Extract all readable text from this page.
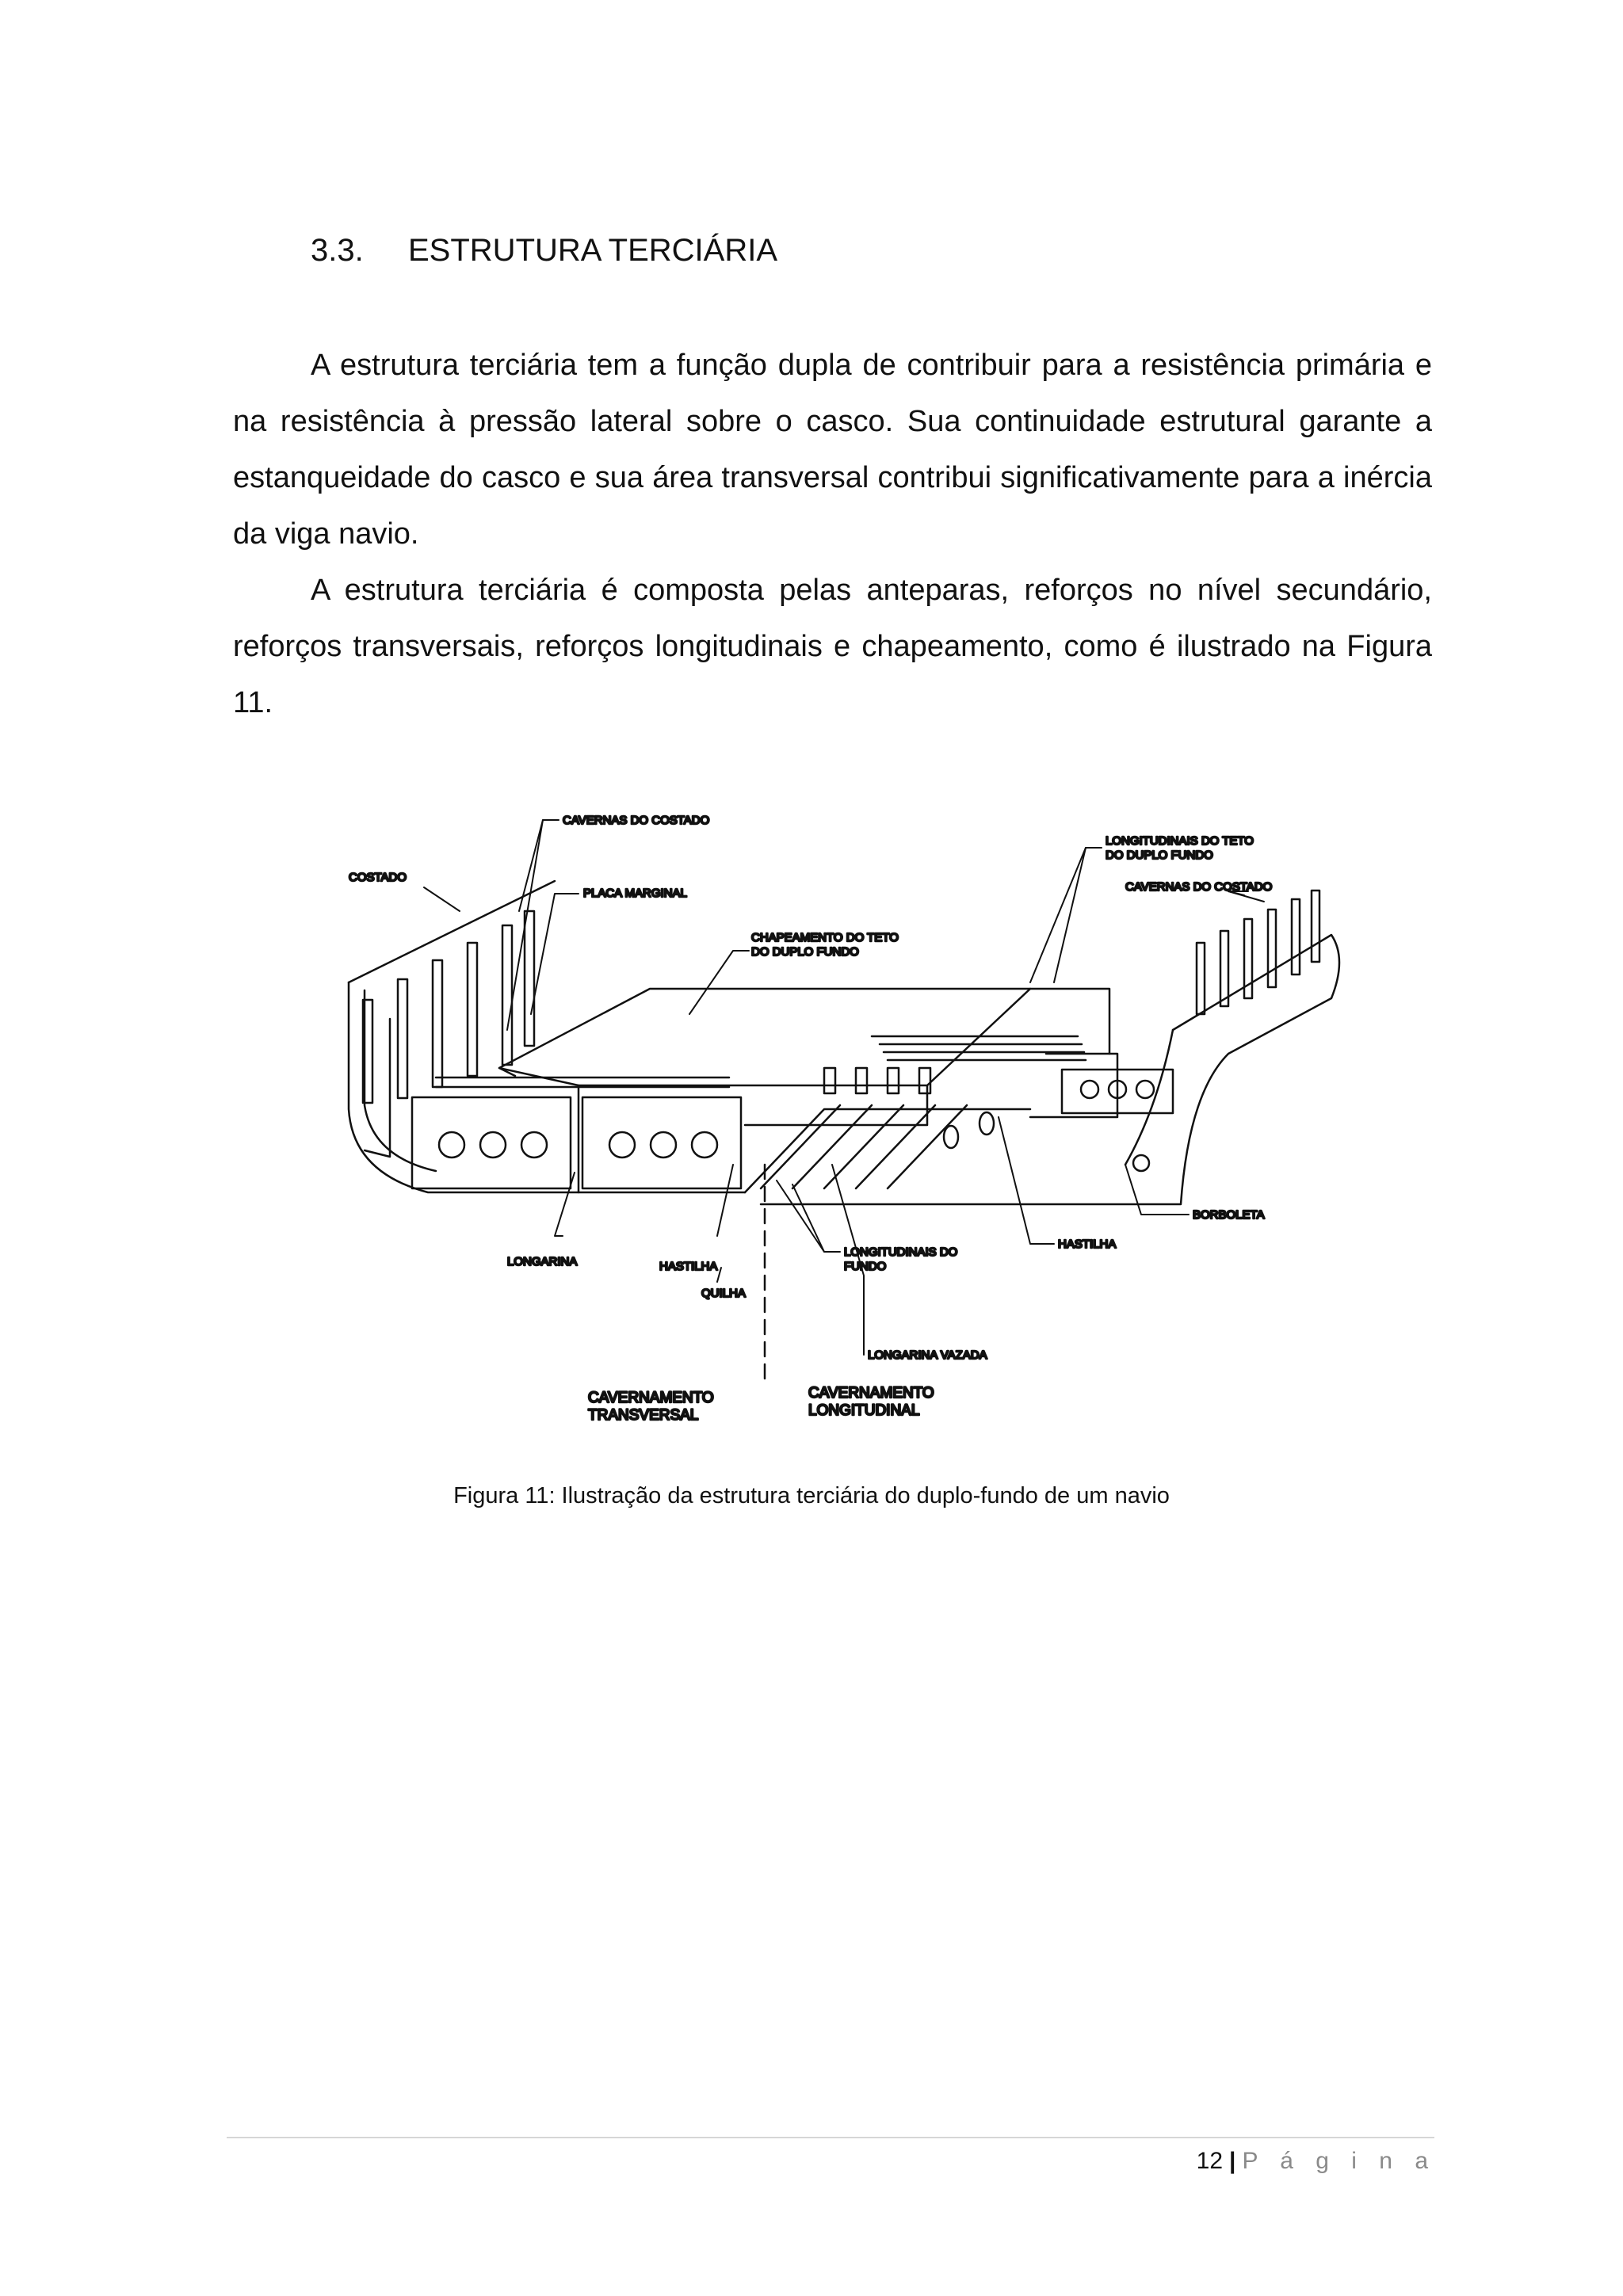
3.3. ESTRUTURA TERCIÁRIA

A estrutura terciária tem a função dupla de contribuir para a resistência primária e na resistência à pressão lateral sobre o casco. Sua continuidade estrutural garante a estanqueidade do casco e sua área transversal contribui significativamente para a inércia da viga navio.

A estrutura terciária é composta pelas anteparas, reforços no nível secundário, reforços transversais, reforços longitudinais e chapeamento, como é ilustrado na Figura 11.

CAVERNAS DO COSTADO
COSTADO
PLACA MARGINAL
CHAPEAMENTO DO TETO
DO DUPLO FUNDO
LONGITUDINAIS DO TETO
DO DUPLO FUNDO
CAVERNAS DO COSTADO
BORBOLETA
HASTILHA
LONGARINA	HASTILHA
LONGITUDINAIS DO
FUNDO
QUILHA
LONGARINA VAZADA
CAVERNAMENTO
TRANSVERSAL
CAVERNAMENTO
LONGITUDINAL

Figura 11: Ilustração da estrutura terciária do duplo-fundo de um navio

12 | P á g i n a
